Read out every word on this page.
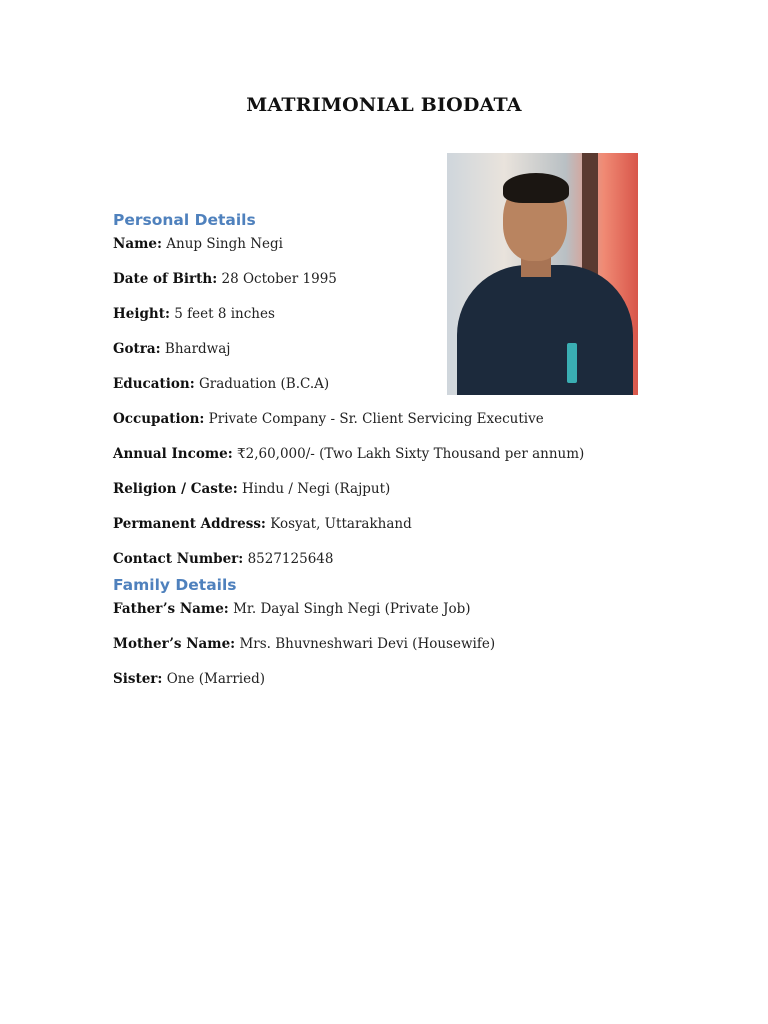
MATRIMONIAL BIODATA
Personal Details

Name: Anup Singh Negi

Date of Birth: 28 October 1995

Height: 5 feet 8 inches

Gotra: Bhardwaj

Education: Graduation (B.C.A)

Occupation: Private Company - Sr. Client Servicing Executive

Annual Income: ₹2,60,000/- (Two Lakh Sixty Thousand per annum)

Religion / Caste: Hindu / Negi (Rajput)

Permanent Address: Kosyat, Uttarakhand

Contact Number: 8527125648

Family Details

Father’s Name: Mr. Dayal Singh Negi (Private Job)

Mother’s Name: Mrs. Bhuvneshwari Devi (Housewife)

Sister: One (Married)
